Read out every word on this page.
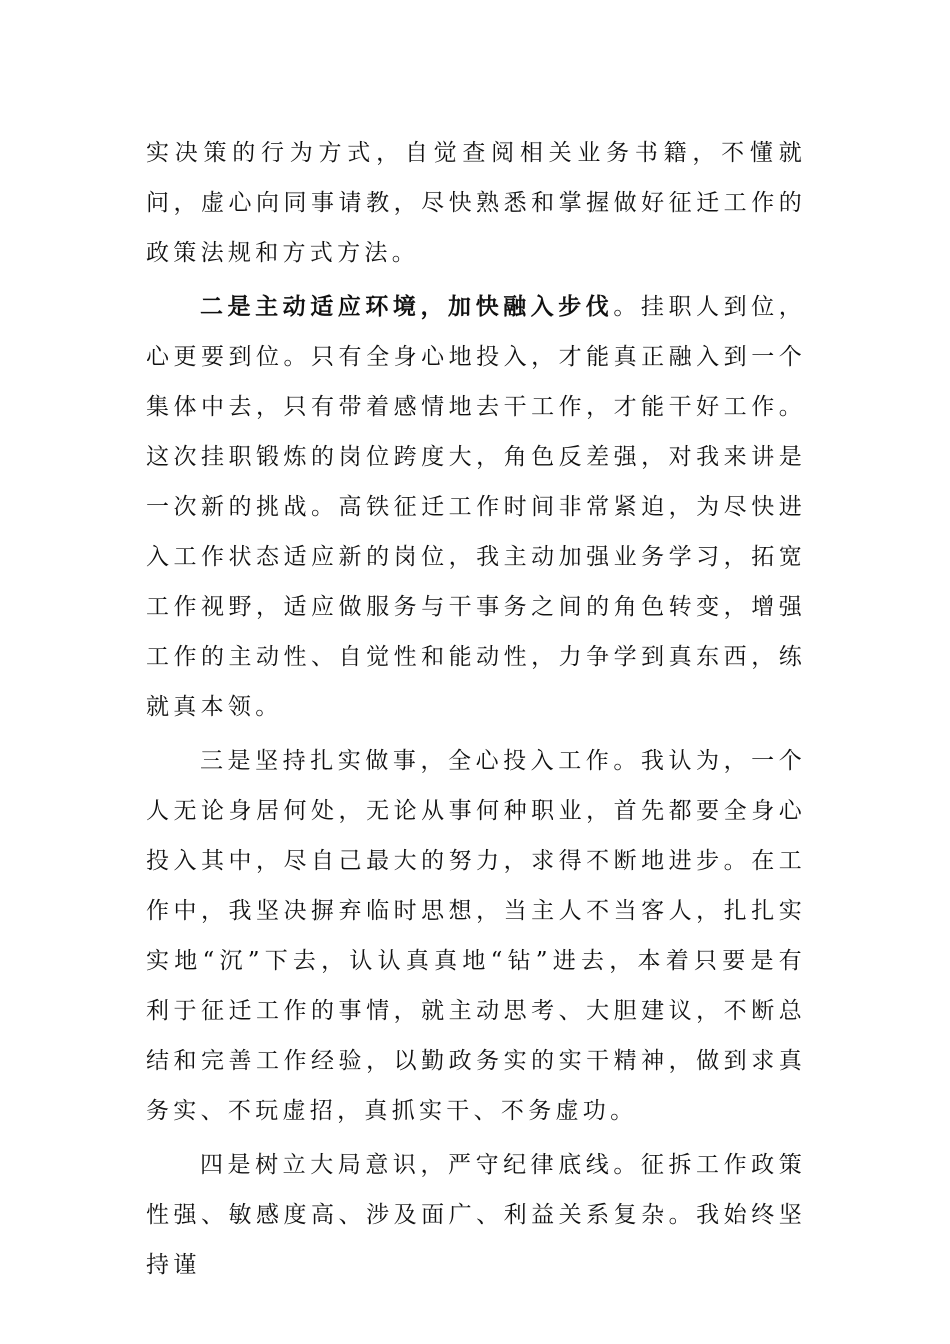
实决策的行为方式，自觉查阅相关业务书籍，不懂就问，虚心向同事请教，尽快熟悉和掌握做好征迁工作的政策法规和方式方法。

二是主动适应环境，加快融入步伐。挂职人到位，心更要到位。只有全身心地投入，才能真正融入到一个集体中去，只有带着感情地去干工作，才能干好工作。这次挂职锻炼的岗位跨度大，角色反差强，对我来讲是一次新的挑战。高铁征迁工作时间非常紧迫，为尽快进入工作状态适应新的岗位，我主动加强业务学习，拓宽工作视野，适应做服务与干事务之间的角色转变，增强工作的主动性、自觉性和能动性，力争学到真东西，练就真本领。

三是坚持扎实做事，全心投入工作。我认为，一个人无论身居何处，无论从事何种职业，首先都要全身心投入其中，尽自己最大的努力，求得不断地进步。在工作中，我坚决摒弃临时思想，当主人不当客人，扎扎实实地“沉”下去，认认真真地“钻”进去，本着只要是有利于征迁工作的事情，就主动思考、大胆建议，不断总结和完善工作经验，以勤政务实的实干精神，做到求真务实、不玩虚招，真抓实干、不务虚功。

四是树立大局意识，严守纪律底线。征拆工作政策性强、敏感度高、涉及面广、利益关系复杂。我始终坚持谨
